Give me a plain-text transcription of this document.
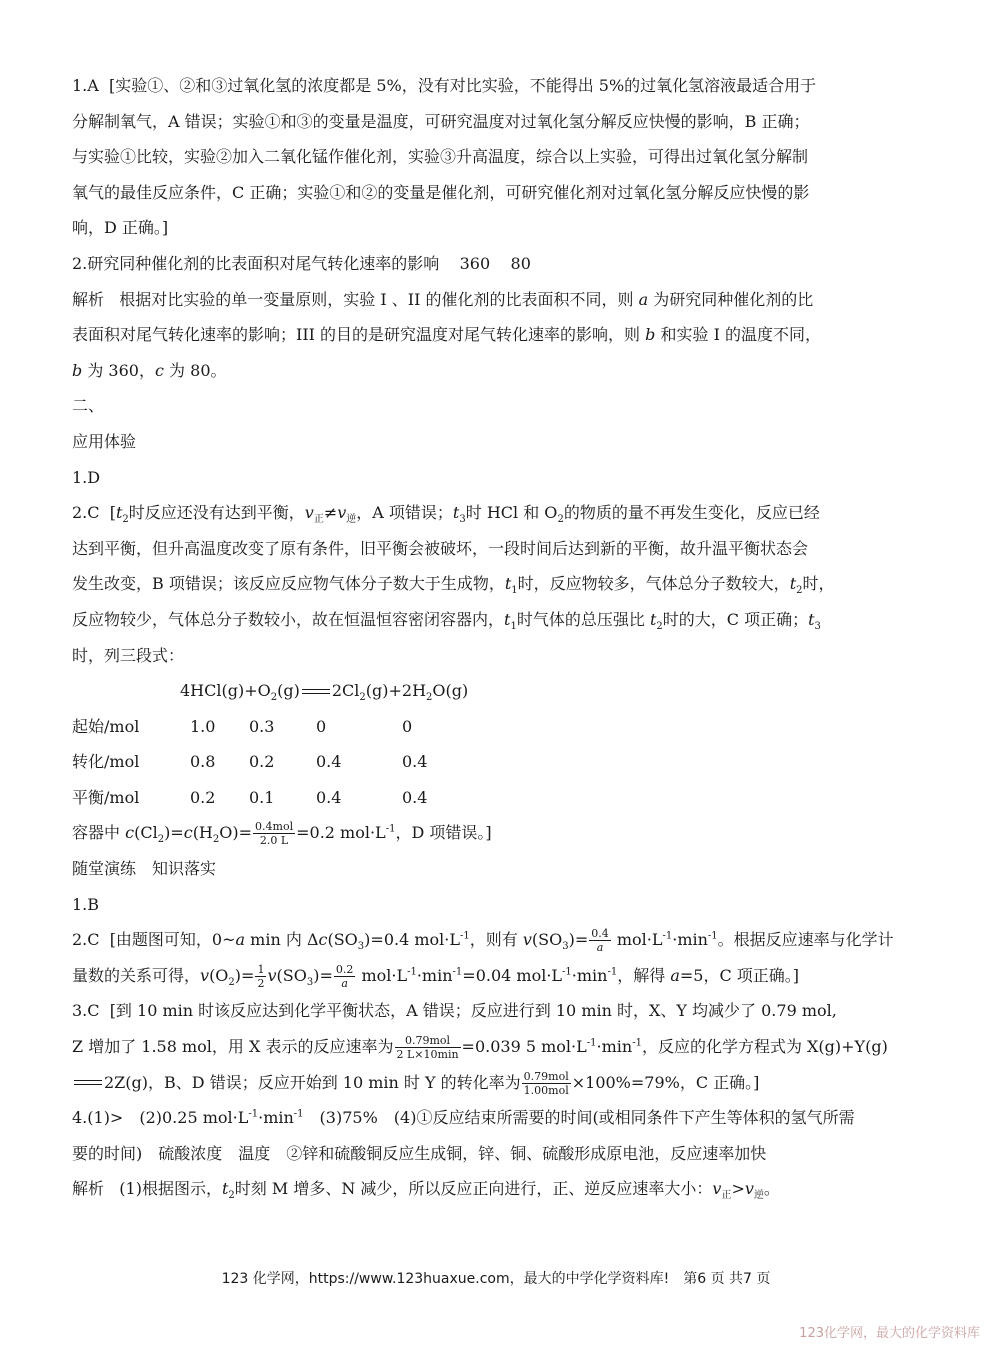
1.A [实验①、②和③过氧化氢的浓度都是 5%，没有对比实验，不能得出 5%的过氧化氢溶液最适合用于
分解制氧气，A 错误；实验①和③的变量是温度，可研究温度对过氧化氢分解反应快慢的影响，B 正确；
与实验①比较，实验②加入二氧化锰作催化剂，实验③升高温度，综合以上实验，可得出过氧化氢分解制
氧气的最佳反应条件，C 正确；实验①和②的变量是催化剂，可研究催化剂对过氧化氢分解反应快慢的影
响，D 正确。]

2.研究同种催化剂的比表面积对尾气转化速率的影响 360 80
解析 根据对比实验的单一变量原则，实验 I 、II 的催化剂的比表面积不同，则 a 为研究同种催化剂的比
表面积对尾气转化速率的影响；III 的目的是研究温度对尾气转化速率的影响，则 b 和实验 I 的温度不同，
b 为 360，c 为 80。

二、

应用体验

1.D

2.C [$t_2$时反应还没有达到平衡，$v_正\ne v_逆$，A 项错误；$t_3$时 HCl 和 $O_2$的物质的量不再发生变化，反应已经
达到平衡，但升高温度改变了原有条件，旧平衡会被破坏，一段时间后达到新的平衡，故升温平衡状态会
发生改变，B 项错误；该反应反应物气体分子数大于生成物，$t_1$时，反应物较多，气体总分子数较大，$t_2$时，
反应物较少，气体总分子数较小，故在恒温恒容密闭容器内，$t_1$时气体的总压强比 $t_2$时的大，C 项正确；$t_3$
时，列三段式：

$4HCl(g)+O_2(g)$ $2Cl_2(g)+2H_2O(g)$

起始/mol	1.0	0.3	0	0
转化/mol	0.8	0.2	0.4	0.4
平衡/mol	0.2	0.1	0.4	0.4

容器中 $c(Cl_2)=c(H_2O)= \frac{\text{0.4mol}}{2.0 L} =0.2$ $mol\cdot L^{-1}$，D 项错误。]

随堂演练　知识落实

1.B

2.C [由题图可知，0~a min 内 $\Delta c(SO_3)=0.4$ $mol\cdot L^{-1}$，则有 $v(SO_3)= \frac{0.4}{a} mol\cdot L^{-1}\cdot\min^{-1}$。根据反应速率与化学计
量数的关系可得，$v(O_2)= \frac{1}{2} v(SO_3)= \frac{0.2}{a} mol\cdot L^{-1}\cdot\min^{-1}=0.04$ $mol\cdot L^{-1}\cdot\min^{-1}$，解得 a=5，C 项正确。]

3.C [到 10 min 时该反应达到化学平衡状态，A 错误；反应进行到 10 min 时，X、Y 均减少了 0.79 mol,
Z 增加了 1.58 mol，用 X 表示的反应速率为 $\frac{\text{0.79mol}}{2 L\times 10\min} =0.039$ 5 $mol\cdot L^{-1}\cdot\min^{-1}$，反应的化学方程式为 X(g)+Y(g)
2Z(g)，B、D 错误；反应开始到 10 min 时 Y 的转化率为 $\frac{\text{0.79mol}}{\text{1.00mol}} \times 100\%=79\%$，C 正确。]

4.(1)>　(2)0.25 $mol\cdot L^{-1}\cdot\min^{-1}$　(3)75%　(4)①反应结束所需要的时间(或相同条件下产生等体积的氢气所需
要的时间)　硫酸浓度　温度　②锌和硫酸铜反应生成铜，锌、铜、硫酸形成原电池，反应速率加快
解析 (1)根据图示，$t_2$时刻 M 增多、N 减少，所以反应正向进行，正、逆反应速率大小：$v_正>v_逆$。

123 化学网，https://www.123huaxue.com，最大的中学化学资料库!　第6 页 共7 页
123化学网，最大的化学资料库
